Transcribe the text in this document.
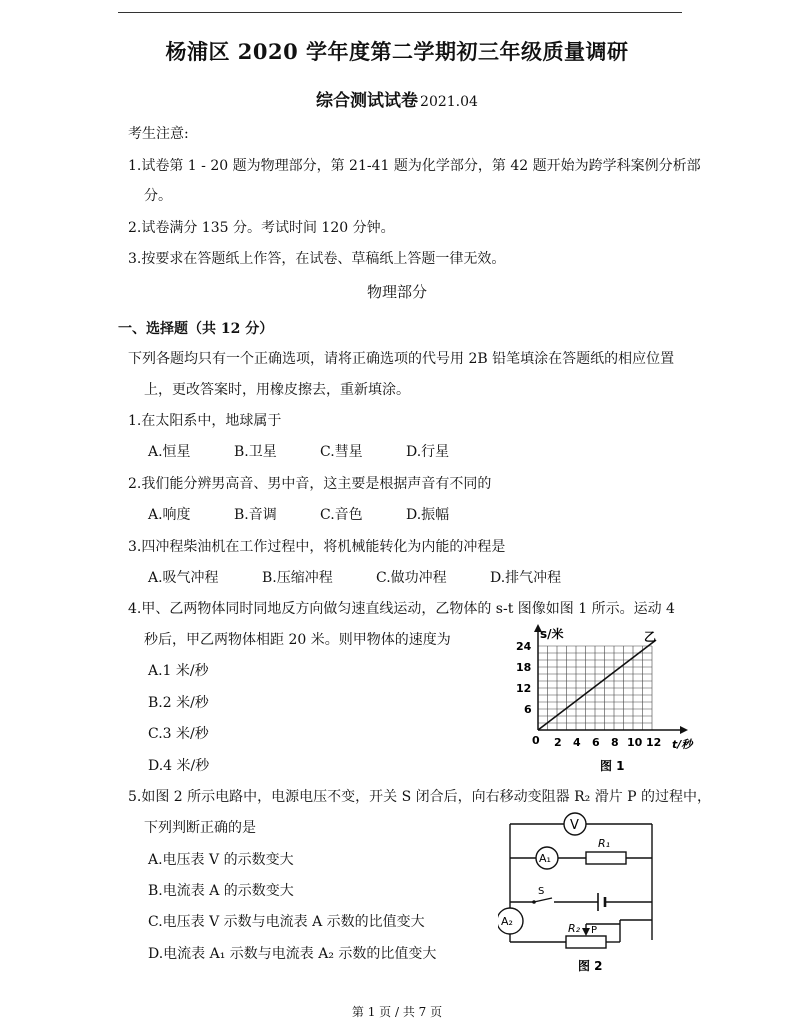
杨浦区 2020 学年度第二学期初三年级质量调研
综合测试试卷 2021.04
考生注意:
1.试卷第 1 - 20 题为物理部分，第 21-41 题为化学部分，第 42 题开始为跨学科案例分析部
分。
2.试卷满分 135 分。考试时间 120 分钟。
3.按要求在答题纸上作答，在试卷、草稿纸上答题一律无效。
物理部分
一、选择题（共 12 分）
下列各题均只有一个正确选项，请将正确选项的代号用 2B 铅笔填涂在答题纸的相应位置
上，更改答案时，用橡皮擦去，重新填涂。
1.在太阳系中，地球属于
A.恒星	B.卫星	C.彗星	D.行星
2.我们能分辨男高音、男中音，这主要是根据声音有不同的
A.响度	B.音调	C.音色	D.振幅
3.四冲程柴油机在工作过程中，将机械能转化为内能的冲程是
A.吸气冲程	B.压缩冲程	C.做功冲程	D.排气冲程
4.甲、乙两物体同时同地反方向做匀速直线运动，乙物体的 s-t 图像如图 1 所示。运动 4
秒后，甲乙两物体相距 20 米。则甲物体的速度为
A.1 米/秒
B.2 米/秒
C.3 米/秒
D.4 米/秒
2 4 6 8 10 12
6
12
18
24
s/米
t/秒
乙
0
图 1
5.如图 2 所示电路中，电源电压不变，开关 S 闭合后，向右移动变阻器 R₂ 滑片 P 的过程中，
下列判断正确的是
A.电压表 V 的示数变大
B.电流表 A 的示数变大
C.电压表 V 示数与电流表 A 示数的比值变大
D.电流表 A₁ 示数与电流表 A₂ 示数的比值变大
V
A₁
A₂
R₁
S
R₂ P
图 2
第 1 页 / 共 7 页
